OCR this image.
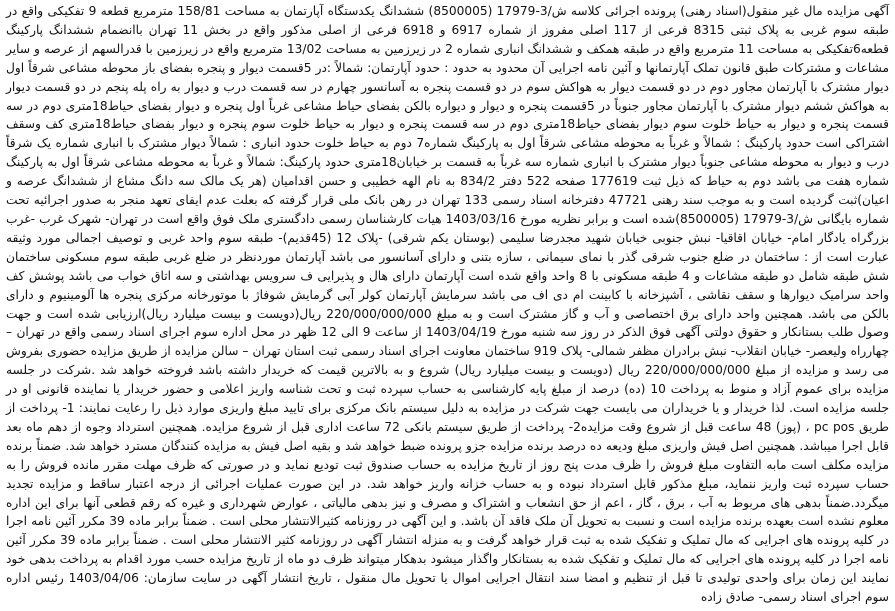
آگهی مزایده مال غیر منقول(اسناد رهنی) پرونده اجرائی کلاسه ش/3-17979 (8500005) ششدانگ یکدستگاه آپارتمان به مساحت 158/81 مترمربع قطعه 9 تفکیکی واقع در طبقه سوم غربی به پلاک ثبتی 8315 فرعی از 117 اصلی مفروز از شماره 6917 و 6918 فرعی از اصلی مذکور واقع در بخش 11 تهران باانضمام ششدانگ پارکینگ قطعه6تفکیکی به مساحت 11 مترمربع واقع در طبقه همکف و ششدانگ انباری شماره 2 در زیرزمین به مساحت 13/02 مترمربع واقع در زیرزمین با قدرالسهم از عرصه و سایر مشاعات و مشترکات طبق قانون تملک آپارتمانها و آئین نامه اجرایی آن محدود به حدود : حدود آپارتمان: شمالاً :در 5قسمت دیوار و پنجره بفضای باز محوطه مشاعی شرقاً اول دیوار مشترک با آپارتمان مجاور دوم در دو قسمت دیوار به هواکش سوم در دو قسمت پنجره به آسانسور چهارم در سه قسمت درب و دیوار به راه پله پنجم در دو قسمت دیوار به هواکش ششم دیوار مشترک با آپارتمان مجاور جنوباً در 5قسمت پنجره و دیوار و دیواره بالکن بفضای حیاط مشاعی غرباً اول پنجره و دیوار بفضای حیاط18متری دوم در سه قسمت پنجره و دیوار به حیاط خلوت سوم دیوار بفضای حیاط18متری دوم در سه قسمت پنجره و دیوار به حیاط خلوت سوم پنجره و دیوار بفضای حیاط18متری کف وسقف اشتراکی است حدود پارکینگ : شمالاً و غرباً به محوطه مشاعی شرقاً اول به پارکینگ شماره7 دوم به حیاط خلوت حدود انباری : شمالاً دیوار مشترک با انباری شماره یک شرقاً درب و دیوار به محوطه مشاعی جنوباً دیوار مشترک با انباری شماره سه غرباً به قسمت بر خیابان18متری حدود پارکینگ: شمالاً و غرباً به محوطه مشاعی شرقاً اول به پارکینگ شماره هفت می باشد دوم به حیاط که ذیل ثبت 177619 صفحه 522 دفتر 834/2 به نام الهه خطیبی و حسن اقدامیان (هر یک مالک سه دانگ مشاع از ششدانگ عرصه و اعیان)ثبت گردیده است و به موجب سند رهنی 47721 دفترخانه اسناد رسمی 133 تهران در رهن بانک ملی قرار گرفته که بعلت عدم ایفای تعهد منجر به صدور اجرائیه تحت شماره بایگانی ش/3-17979 (8500005)شده است و برابر نظریه مورخ 1403/03/16 هیات کارشناسان رسمی دادگستری ملک فوق واقع است در تهران- شهرک غرب -غرب بزرگراه یادگار امام- خیابان اقاقیا- نبش جنوبی خیابان شهید مجدرضا سلیمی (بوستان یکم شرقی) -پلاک 12 (45قدیم)- طبقه سوم واحد غربی و توصیف اجمالی مورد وثیقه عبارت است از : ساختمان در ضلع جنوب شرقی گذر با نمای سیمانی ، سازه بتنی و دارای آسانسور می باشد آپارتمان موردنظر در ضلع غربی طبقه سوم مسکونی ساختمان شش طبقه شامل دو طبقه مشاعات و 4 طبقه مسکونی با 8 واحد واقع شده است آپارتمان دارای هال و پذیرایی ف سرویس بهداشتی و سه اتاق خواب می باشد پوشش کف واحد سرامیک دیوارها و سقف نقاشی ، آشپزخانه با کابینت ام دی اف می باشد سرمایش آپارتمان کولر آبی گرمایش شوفاژ با موتورخانه مرکزی پنجره ها آلومینیوم و دارای بالکن می باشد. همچنین واحد دارای برق اختصاصی و آب و گاز مشترک است و به مبلغ 220/000/000/000 ریال(دویست و بیست میلیارد ریال)ارزیابی شده است و جهت وصول طلب بستانکار و حقوق دولتی آگهی فوق الذکر در روز سه شنبه مورخ 1403/04/19 از ساعت 9 الی 12 ظهر در محل اداره سوم اجرای اسناد رسمی واقع در تهران – چهارراه ولیعصر- خیابان انقلاب- نبش برادران مظفر شمالی- پلاک 919 ساختمان معاونت اجرای اسناد رسمی ثبت استان تهران – سالن مزایده از طریق مزایده حضوری بفروش می رسد و مزایده از مبلغ 220/000/000/000 ریال (دویست و بیست میلیارد ریال) شروع و به بالاترین قیمت که خریدار داشته باشد فروخته خواهد شد .شرکت در جلسه مزایده برای عموم آزاد و منوط به پرداخت 10 (ده) درصد از مبلغ پایه کارشناسی به حساب سپرده ثبت و تحت شناسه واریز اعلامی و حضور خریدار یا نماینده قانونی او در جلسه مزایده است. لذا خریدار و یا خریداران می بایست جهت شرکت در مزایده به دلیل سیستم بانک مرکزی برای تایید مبلغ واریزی موارد ذیل را رعایت نمایند: 1- پرداخت از طریق pc pos ، (پوز) 48 ساعت قبل از شروع وقت مزایده2- پرداخت از طریق سیستم بانکی 72 ساعت اداری قبل از شروع مزایده. همچنین استرداد وجوه از دهم ماه بعد قابل اجرا میباشد. همچنین اصل فیش واریزی مبلغ ودیعه ده درصد برنده مزایده جزو پرونده ضبط خواهد شد و بقیه اصل فیش به مزایده کنندگان مسترد خواهد شد. ضمناً برنده مزایده مکلف است مابه التفاوت مبلغ فروش را ظرف مدت پنج روز از تاریخ مزایده به حساب صندوق ثبت تودیع نماید و در صورتی که ظرف مهلت مقرر مانده فروش را به حساب سپرده ثبت واریز ننماید، مبلغ مذکور قابل استرداد نبوده و به حساب خزانه واریز خواهد شد. در این صورت عملیات اجرائی از درجه اعتبار ساقط و مزایده تجدید میگردد.ضمناً بدهی های مربوط به آب ، برق ، گاز ، اعم از حق انشعاب و اشتراک و مصرف و نیز بدهی مالیاتی ، عوارض شهرداری و غیره که رقم قطعی آنها برای این اداره معلوم نشده است بعهده برنده مزایده است و نسبت به تحویل آن ملک فاقد آن باشد. و این آگهی در روزنامه کثیرالانتشار محلی است . ضمناً برابر ماده 39 مکرر آئین نامه اجرا در کلیه پرونده های اجرایی که مال تملیک و تفکیک شده به ثبت قرار خواهد گرفت و به منزله انتشار آگهی در روزنامه کثیر الانتشار محلی است . ضمناً برابر ماده 39 مکرر آئین نامه اجرا در کلیه پرونده های اجرایی که مال تملیک و تفکیک شده به بستانکار واگذار میشود بدهکار میتواند ظرف دو ماه از تاریخ مزایده حسب مورد اقدام به پرداخت بدهی خود نمایند این زمان برای واحدی تولیدی تا قبل از تنظیم و امضا سند انتقال اجرایی اموال یا تحویل مال منقول ، تاریخ انتشار آگهی در سایت سازمان: 1403/04/06 رئیس اداره سوم اجرای اسناد رسمی- صادق زاده
